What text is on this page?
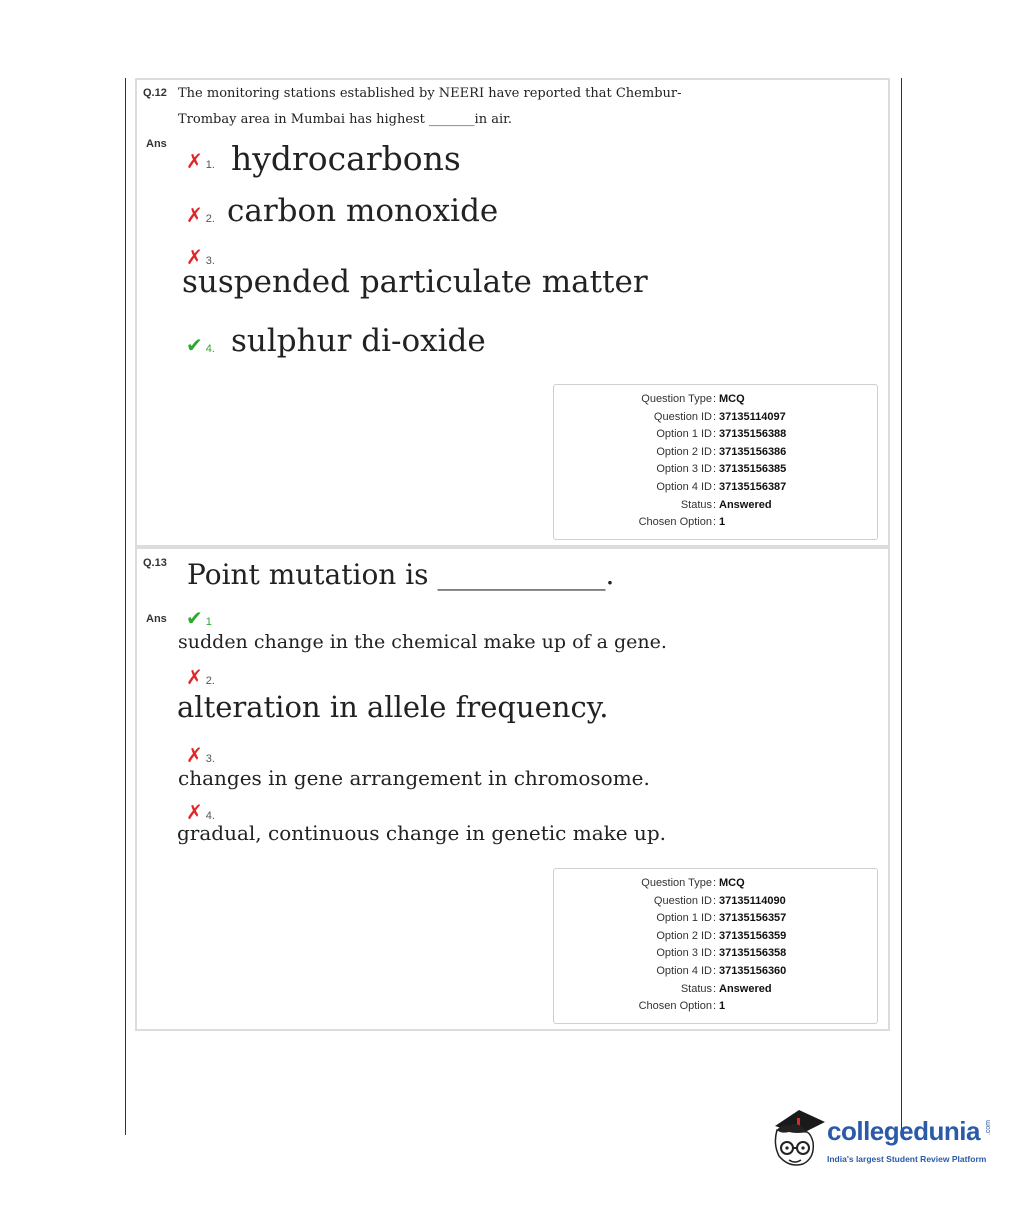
Q.12 The monitoring stations established by NEERI have reported that Chembur-
Trombay area in Mumbai has highest _______in air.
Ans
✗ 1. hydrocarbons
✗ 2. carbon monoxide
✗ 3.
suspended particulate matter
✔ 4. sulphur di-oxide
Question Type : MCQ
Question ID : 37135114097
Option 1 ID : 37135156388
Option 2 ID : 37135156386
Option 3 ID : 37135156385
Option 4 ID : 37135156387
Status : Answered
Chosen Option : 1
Q.13 Point mutation is ____________.
Ans ✔ 1
sudden change in the chemical make up of a gene.
✗ 2.
alteration in allele frequency.
✗ 3.
changes in gene arrangement in chromosome.
✗ 4.
gradual, continuous change in genetic make up.
Question Type : MCQ
Question ID : 37135114090
Option 1 ID : 37135156357
Option 2 ID : 37135156359
Option 3 ID : 37135156358
Option 4 ID : 37135156360
Status : Answered
Chosen Option : 1
collegedunia .com
India's largest Student Review Platform
